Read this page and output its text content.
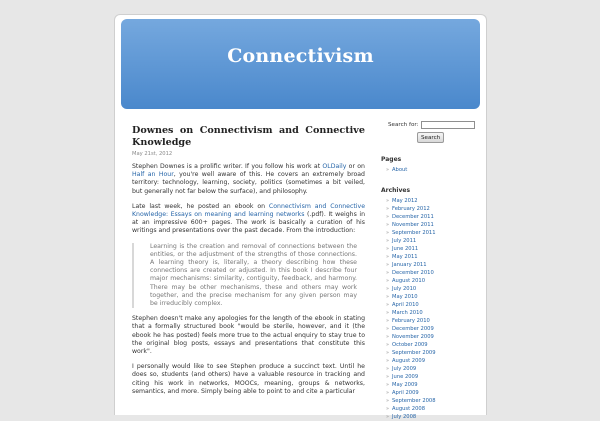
Connectivism
Downes on Connectivism and Connective Knowledge
May 21st, 2012

Stephen Downes is a prolific writer. If you follow his work at OLDaily or on Half an Hour, you're well aware of this. He covers an extremely broad territory: technology, learning, society, politics (sometimes a bit veiled, but generally not far below the surface), and philosophy.

Late last week, he posted an ebook on Connectivism and Connective Knowledge: Essays on meaning and learning networks (.pdf). It weighs in at an impressive 600+ pages. The work is basically a curation of his writings and presentations over the past decade. From the introduction:

Learning is the creation and removal of connections between the entities, or the adjustment of the strengths of those connections. A learning theory is, literally, a theory describing how these connections are created or adjusted. In this book I describe four major mechanisms: similarity, contiguity, feedback, and harmony. There may be other mechanisms, these and others may work together, and the precise mechanism for any given person may be irreducibly complex.

Stephen doesn't make any apologies for the length of the ebook in stating that a formally structured book "would be sterile, however, and it (the ebook he has posted) feels more true to the actual enquiry to stay true to the original blog posts, essays and presentations that constitute this work".

I personally would like to see Stephen produce a succinct text. Until he does so, students (and others) have a valuable resource in tracking and citing his work in networks, MOOCs, meaning, groups & networks, semantics, and more. Simply being able to point to and cite a particular

Search for:
Search
Pages
» About
Archives
» May 2012
» February 2012
» December 2011
» November 2011
» September 2011
» July 2011
» June 2011
» May 2011
» January 2011
» December 2010
» August 2010
» July 2010
» May 2010
» April 2010
» March 2010
» February 2010
» December 2009
» November 2009
» October 2009
» September 2009
» August 2009
» July 2009
» June 2009
» May 2009
» April 2009
» September 2008
» August 2008
» July 2008
